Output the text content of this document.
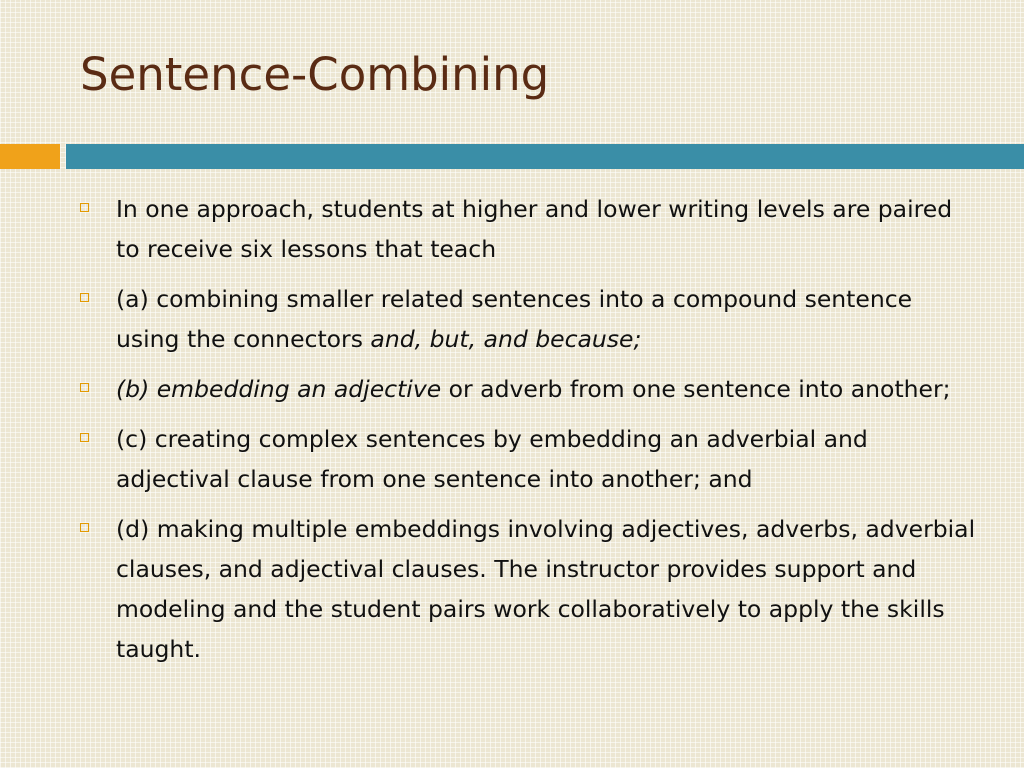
Sentence-Combining
In one approach, students at higher and lower writing levels are paired to receive six lessons that teach
(a) combining smaller related sentences into a compound sentence using the connectors and, but, and because;
(b) embedding an adjective or adverb from one sentence into another;
(c) creating complex sentences by embedding an adverbial and adjectival clause from one sentence into another; and
(d) making multiple embeddings involving adjectives, adverbs, adverbial clauses, and adjectival clauses. The instructor provides support and modeling and the student pairs work collaboratively to apply the skills taught.
